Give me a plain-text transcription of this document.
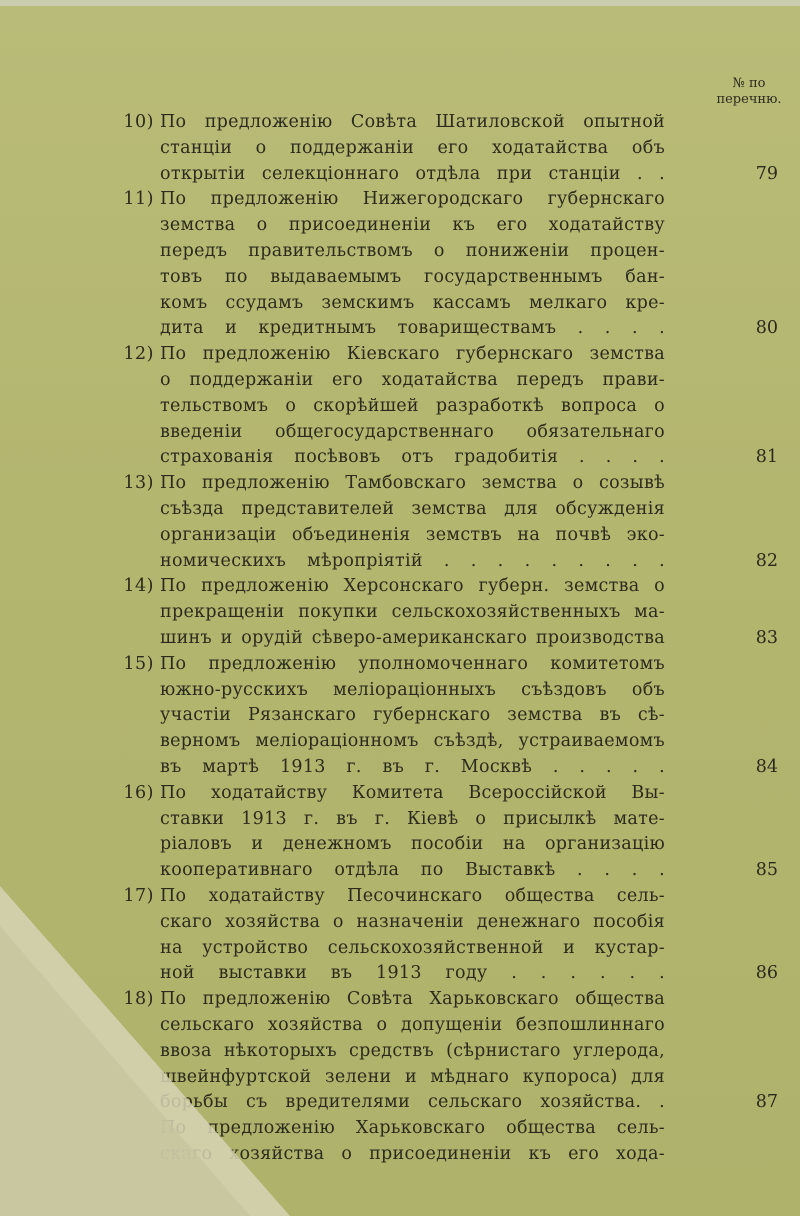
№ по
перечню.
10) По предложенію Совѣта Шатиловской опытной
станціи о поддержаніи его ходатайства объ
открытіи селекціоннаго отдѣла при станціи . .	79
11) По предложенію Нижегородскаго губернскаго
земства о присоединеніи къ его ходатайству
передъ правительствомъ о пониженіи процен-
товъ по выдаваемымъ государственнымъ бан-
комъ ссудамъ земскимъ кассамъ мелкаго кре-
дита и кредитнымъ товариществамъ . . . .	80
12) По предложенію Кіевскаго губернскаго земства
о поддержаніи его ходатайства передъ прави-
тельствомъ о скорѣйшей разработкѣ вопроса о
введеніи общегосударственнаго обязательнаго
страхованія посѣвовъ отъ градобитія . . . .	81
13) По предложенію Тамбовскаго земства о созывѣ
съѣзда представителей земства для обсужденія
организаціи объединенія земствъ на почвѣ эко-
номическихъ мѣропріятій . . . . . . . . .	82
14) По предложенію Херсонскаго губерн. земства о
прекращеніи покупки сельскохозяйственныхъ ма-
шинъ и орудій сѣверо-американскаго производства	83
15) По предложенію уполномоченнаго комитетомъ
южно-русскихъ меліораціонныхъ съѣздовъ объ
участіи Рязанскаго губернскаго земства въ сѣ-
верномъ меліораціонномъ съѣздѣ, устраиваемомъ
въ мартѣ 1913 г. въ г. Москвѣ . . . . .	84
16) По ходатайству Комитета Всероссійской Вы-
ставки 1913 г. въ г. Кіевѣ о присылкѣ мате-
ріаловъ и денежномъ пособіи на организацію
кооперативнаго отдѣла по Выставкѣ . . . .	85
17) По ходатайству Песочинскаго общества сель-
скаго хозяйства о назначеніи денежнаго пособія
на устройство сельскохозяйственной и кустар-
ной выставки въ 1913 году . . . . . .	86
18) По предложенію Совѣта Харьковскаго общества
сельскаго хозяйства о допущеніи безпошлиннаго
ввоза нѣкоторыхъ средствъ (сѣрнистаго углерода,
швейнфуртской зелени и мѣднаго купороса) для
борьбы съ вредителями сельскаго хозяйства. .	87
По предложенію Харьковскаго общества сель-
скаго хозяйства о присоединеніи къ его хода-
